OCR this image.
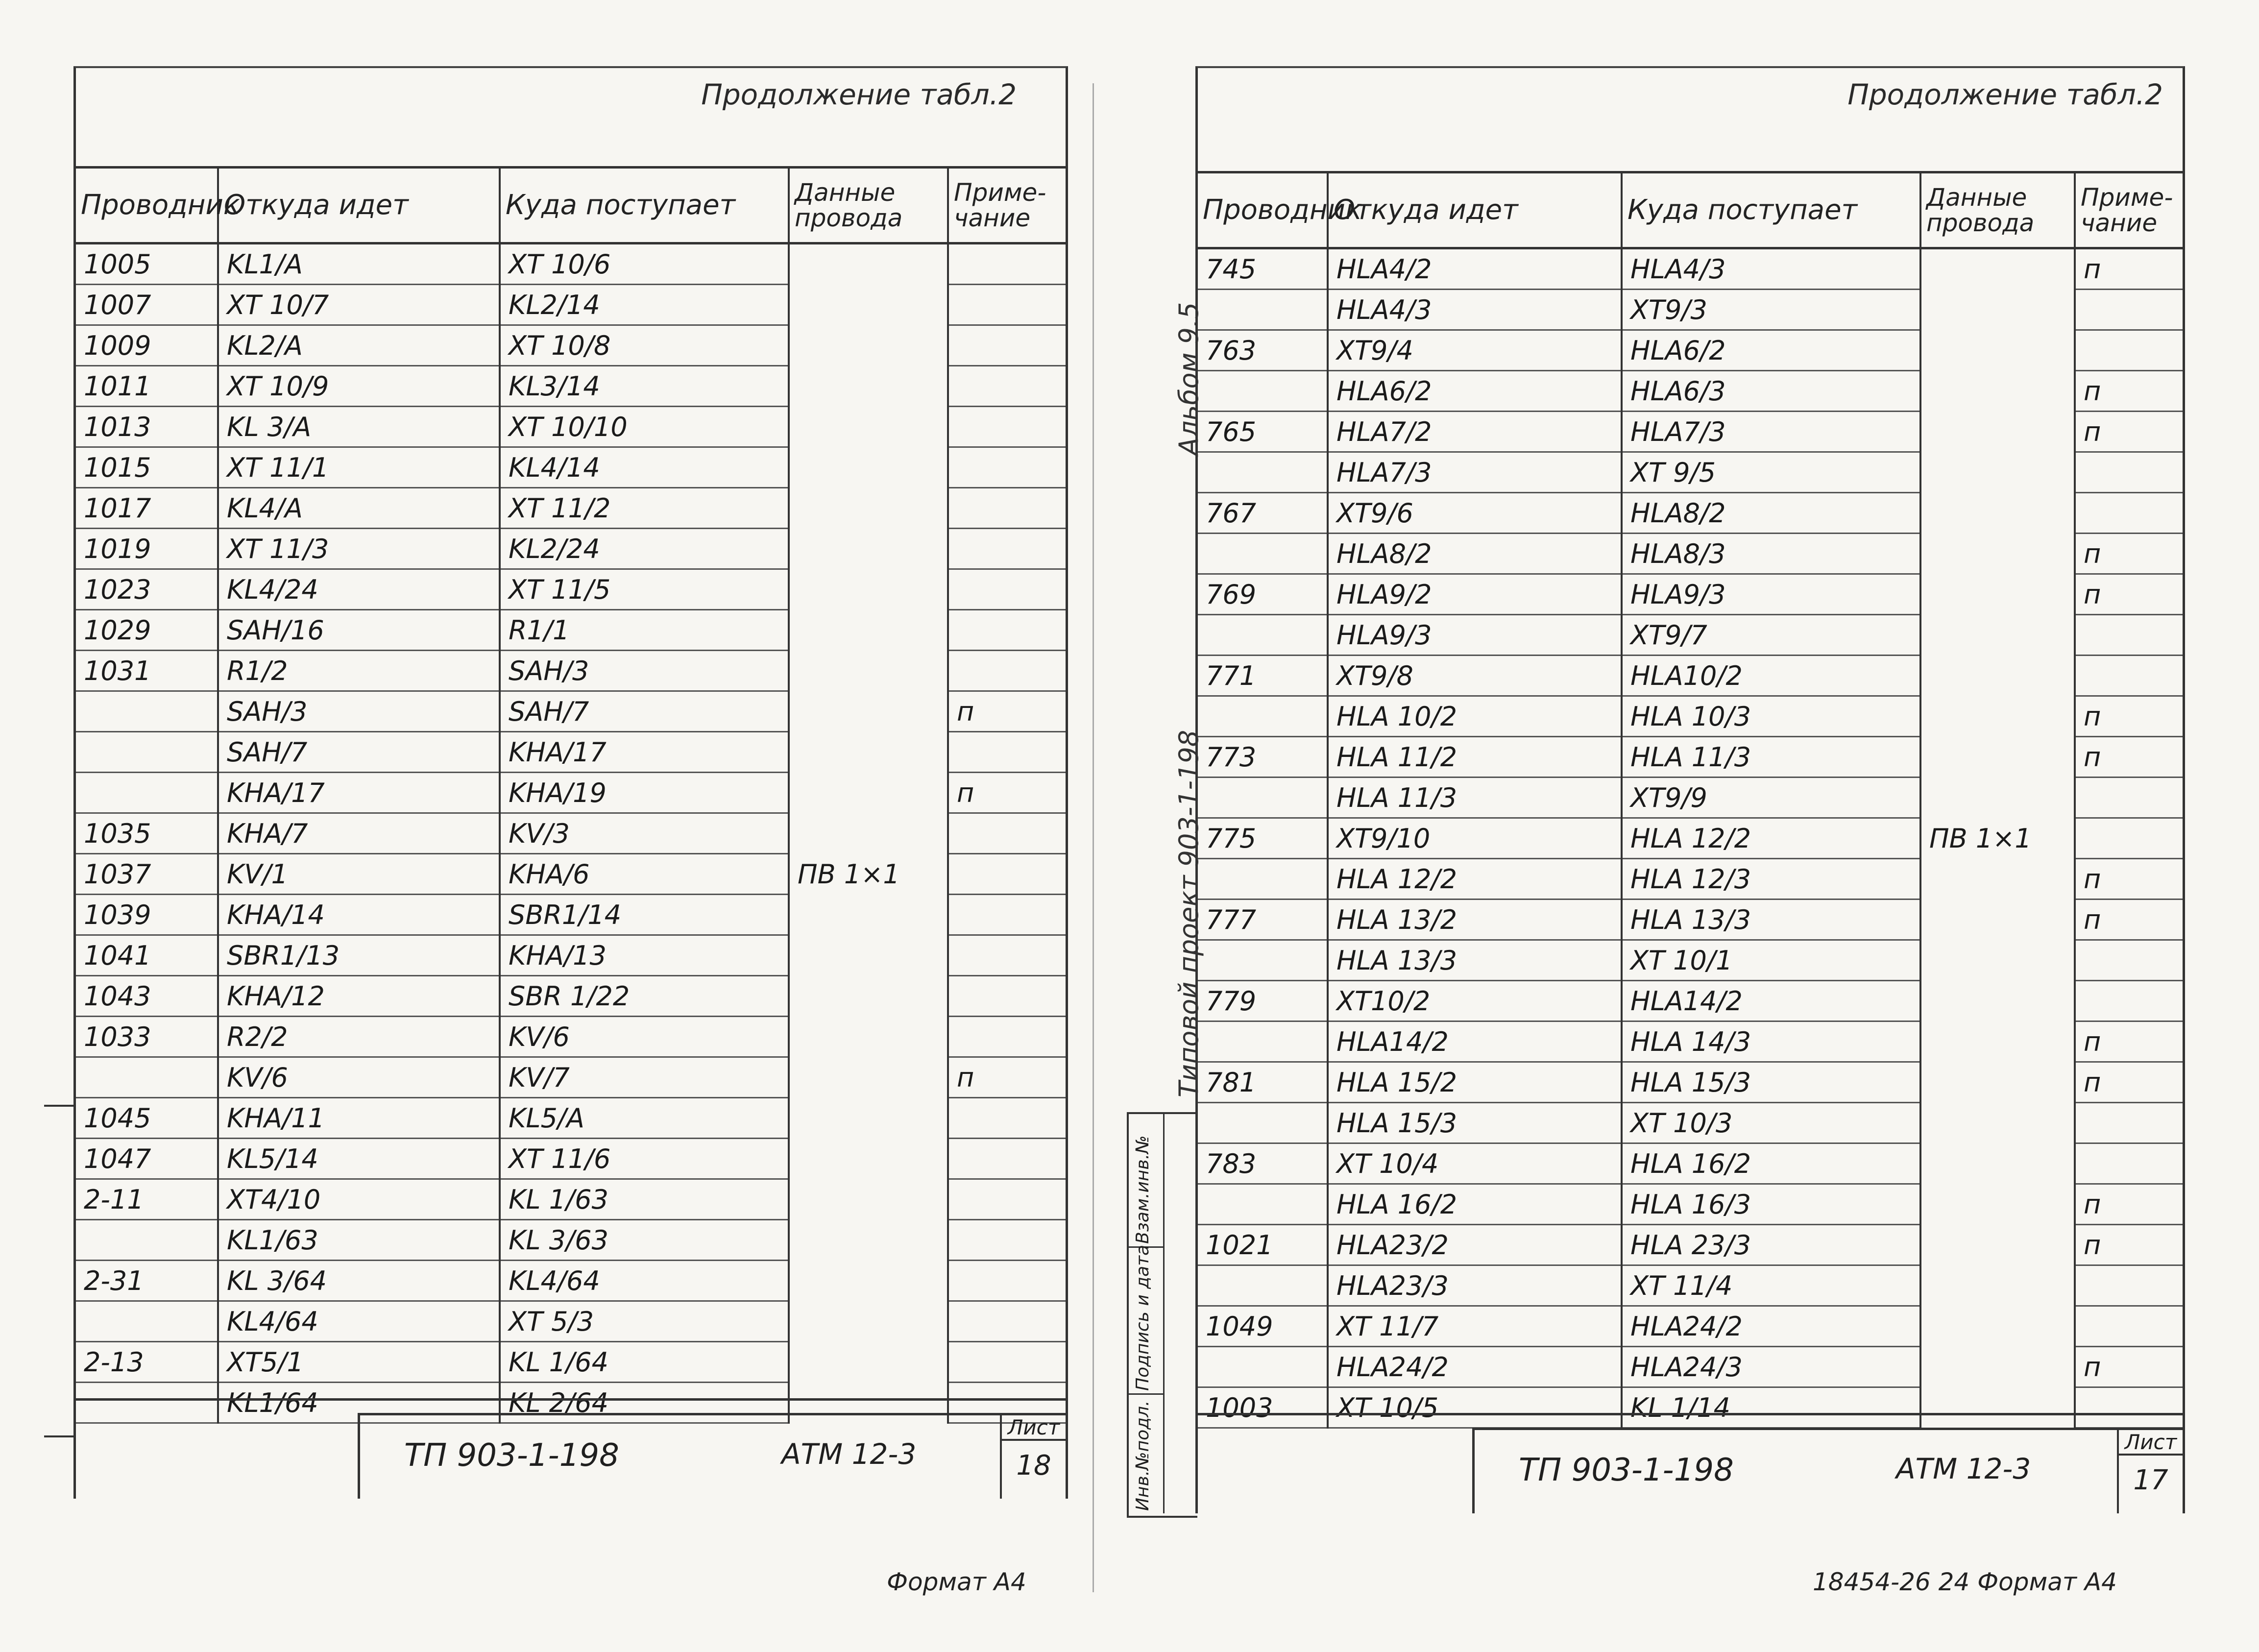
Продолжение табл.2
Проводник	Откуда идет	Куда поступает	Данные провода	Приме-чание
1005	KL1/A	XT 10/6		
1007	XT 10/7	KL2/14		
1009	KL2/A	XT 10/8		
1011	XT 10/9	KL3/14		
1013	KL 3/A	XT 10/10		
1015	XT 11/1	KL4/14		
1017	KL4/A	XT 11/2		
1019	XT 11/3	KL2/24		
1023	KL4/24	XT 11/5		
1029	SAH/16	R1/1		
1031	R1/2	SAH/3		
	SAH/3	SAH/7		п
	SAH/7	KHA/17		
	KHA/17	KHA/19		п
1035	KHA/7	KV/3		
1037	KV/1	KHA/6	ПВ 1×1	
1039	KHA/14	SBR1/14		
1041	SBR1/13	KHA/13		
1043	KHA/12	SBR 1/22		
1033	R2/2	KV/6		
	KV/6	KV/7		п
1045	KHA/11	KL5/A		
1047	KL5/14	XT 11/6		
2-11	XT4/10	KL 1/63		
	KL1/63	KL 3/63		
2-31	KL 3/64	KL4/64		
	KL4/64	XT 5/3		
2-13	XT5/1	KL 1/64		
	KL1/64	KL 2/64		
ТП 903-1-198	АТМ 12-3
Лист
18
Формат А4
Альбом 9.5
Типовой проект 903-1-198
Взам.инв.№
Подпись и дата
Инв.№подл.
Продолжение табл.2
Проводник	Откуда идет	Куда поступает	Данные провода	Приме-чание
745	HLA4/2	HLA4/3		п
	HLA4/3	XT9/3		
763	XT9/4	HLA6/2		
	HLA6/2	HLA6/3		п
765	HLA7/2	HLA7/3		п
	HLA7/3	XT 9/5		
767	XT9/6	HLA8/2		
	HLA8/2	HLA8/3		п
769	HLA9/2	HLA9/3		п
	HLA9/3	XT9/7		
771	XT9/8	HLA10/2		
	HLA 10/2	HLA 10/3		п
773	HLA 11/2	HLA 11/3		п
	HLA 11/3	XT9/9		
775	XT9/10	HLA 12/2	ПВ 1×1	
	HLA 12/2	HLA 12/3		п
777	HLA 13/2	HLA 13/3		п
	HLA 13/3	XT 10/1		
779	XT10/2	HLA14/2		
	HLA14/2	HLA 14/3		п
781	HLA 15/2	HLA 15/3		п
	HLA 15/3	XT 10/3		
783	XT 10/4	HLA 16/2		
	HLA 16/2	HLA 16/3		п
1021	HLA23/2	HLA 23/3		п
	HLA23/3	XT 11/4		
1049	XT 11/7	HLA24/2		
	HLA24/2	HLA24/3		п
1003	XT 10/5	KL 1/14		
ТП 903-1-198	АТМ 12-3
Лист
17
18454-26 24 Формат А4
